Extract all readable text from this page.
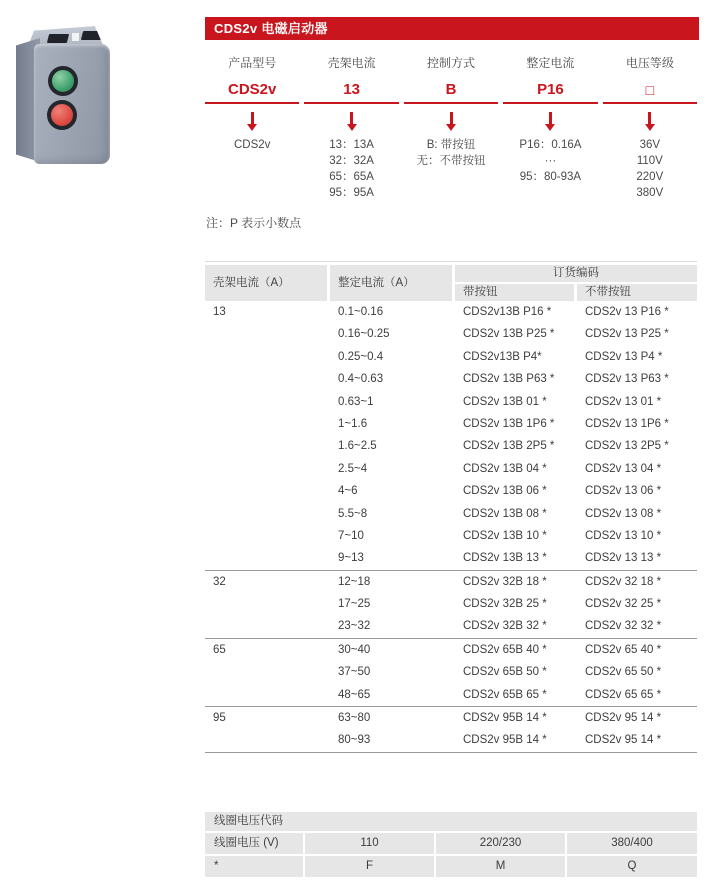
CDS2v 电磁启动器
产品型号
CDS2v
CDS2v
壳架电流
13
13：13A
32：32A
65：65A
95：95A
控制方式
B
B: 带按钮
无：不带按钮
整定电流
P16
P16：0.16A
···
95：80-93A
电压等级
□
36V
110V
220V
380V
注：P 表示小数点
壳架电流（A）	整定电流（A）
订货编码
带按钮	不带按钮
13	0.1~0.16	CDS2v13B P16 *	CDS2v 13 P16 *
0.16~0.25	CDS2v 13B P25 *	CDS2v 13 P25 *
0.25~0.4	CDS2v13B P4*	CDS2v 13 P4 *
0.4~0.63	CDS2v 13B P63 *	CDS2v 13 P63 *
0.63~1	CDS2v 13B 01 *	CDS2v 13 01 *
1~1.6	CDS2v 13B 1P6 *	CDS2v 13 1P6 *
1.6~2.5	CDS2v 13B 2P5 *	CDS2v 13 2P5 *
2.5~4	CDS2v 13B 04 *	CDS2v 13 04 *
4~6	CDS2v 13B 06 *	CDS2v 13 06 *
5.5~8	CDS2v 13B 08 *	CDS2v 13 08 *
7~10	CDS2v 13B 10 *	CDS2v 13 10 *
9~13	CDS2v 13B 13 *	CDS2v 13 13 *
32	12~18	CDS2v 32B 18 *	CDS2v 32 18 *
17~25	CDS2v 32B 25 *	CDS2v 32 25 *
23~32	CDS2v 32B 32 *	CDS2v 32 32 *
65	30~40	CDS2v 65B 40 *	CDS2v 65 40 *
37~50	CDS2v 65B 50 *	CDS2v 65 50 *
48~65	CDS2v 65B 65 *	CDS2v 65 65 *
95	63~80	CDS2v 95B 14 *	CDS2v 95 14 *
80~93	CDS2v 95B 14 *	CDS2v 95 14 *
线圈电压代码
线圈电压 (V)	110	220/230	380/400
*	F	M	Q
